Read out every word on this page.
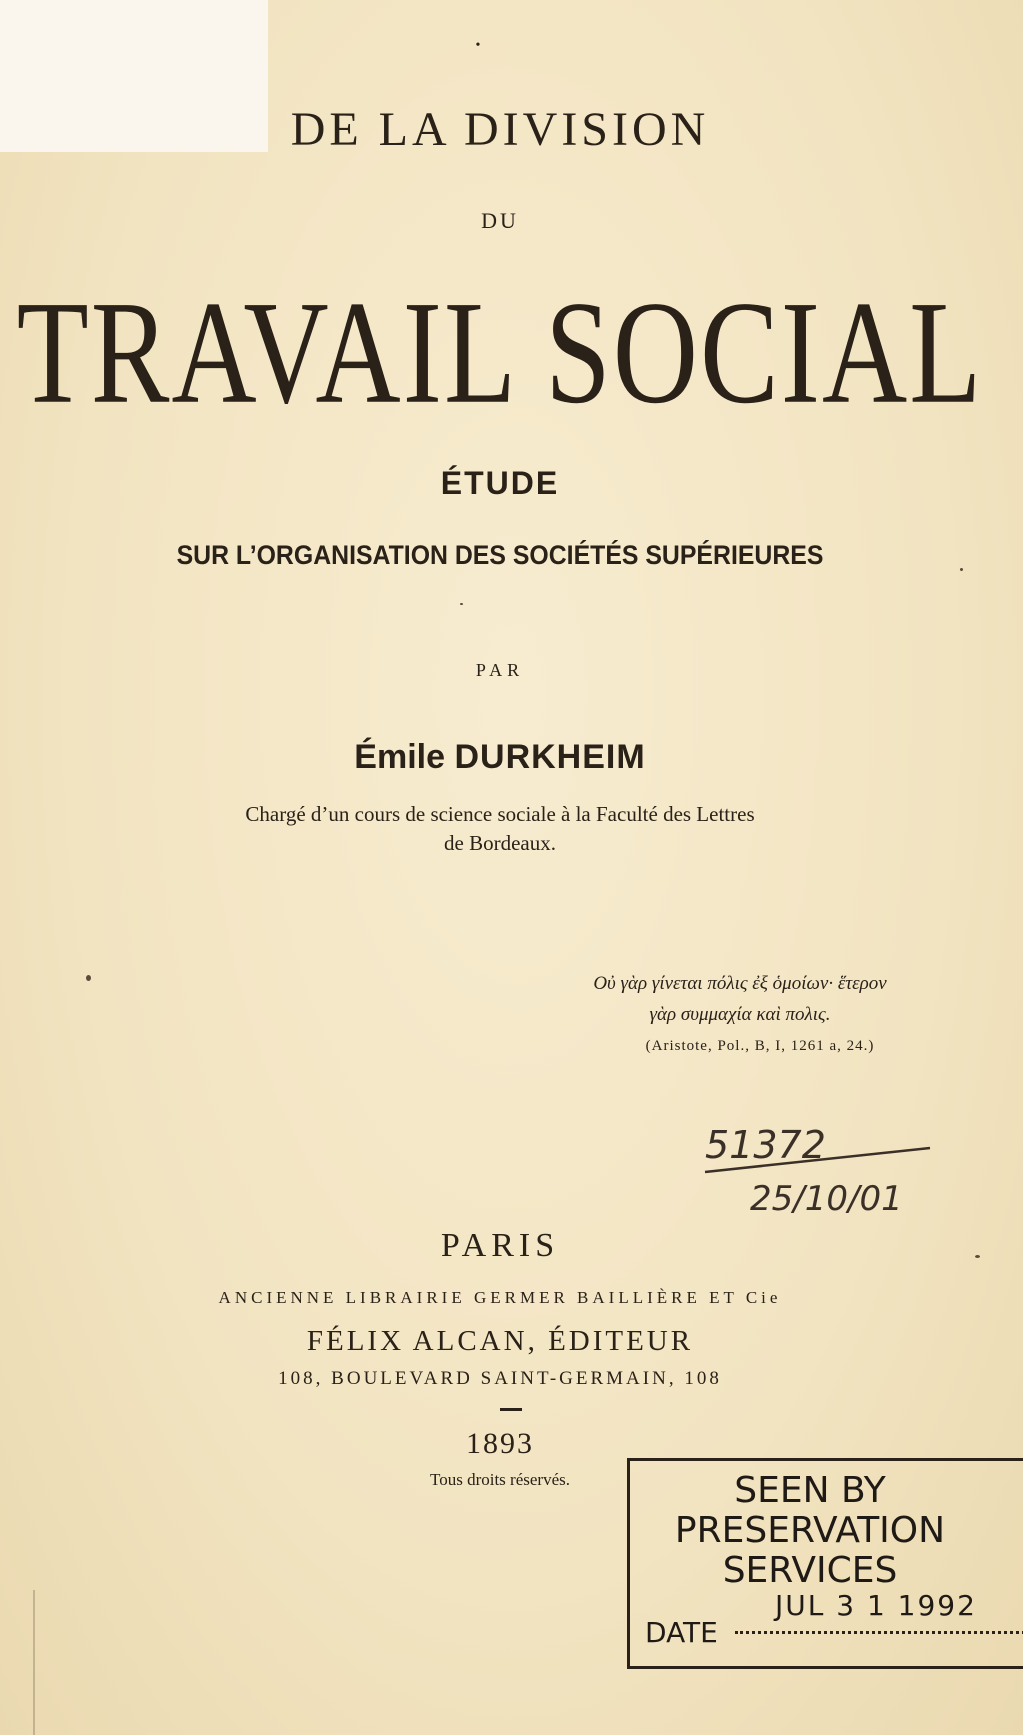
•
DE LA DIVISION
DU
TRAVAIL SOCIAL
ÉTUDE
SUR L’ORGANISATION DES SOCIÉTÉS SUPÉRIEURES
PAR
Émile DURKHEIM
Chargé d’un cours de science sociale à la Faculté des Lettres
de Bordeaux.
Οὐ γὰρ γίνεται πόλις ἐξ ὁμοίων· ἕτερον
γὰρ συμμαχία καὶ πολις.
(Aristote, Pol., B, I, 1261 a, 24.)
51372
25/10/01
PARIS
ANCIENNE LIBRAIRIE GERMER BAILLIÈRE ET Cie
FÉLIX ALCAN, ÉDITEUR
108, BOULEVARD SAINT-GERMAIN, 108
1893
Tous droits réservés.	SEEN BY
PRESERVATION
SERVICES
JUL 3 1 1992
DATE
